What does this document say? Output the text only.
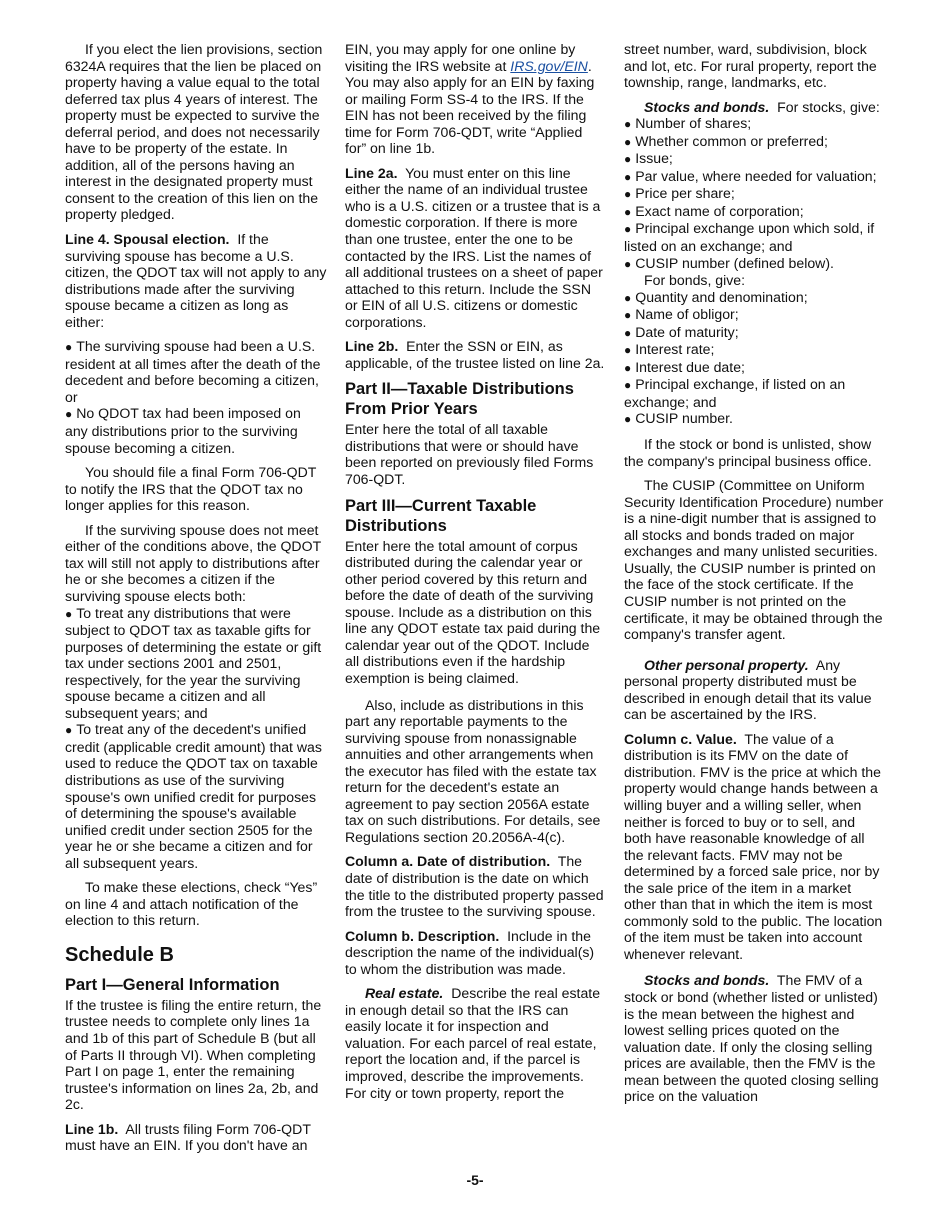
If you elect the lien provisions, section 6324A requires that the lien be placed on property having a value equal to the total deferred tax plus 4 years of interest. The property must be expected to survive the deferral period, and does not necessarily have to be property of the estate. In addition, all of the persons having an interest in the designated property must consent to the creation of this lien on the property pledged.

Line 4. Spousal election. If the surviving spouse has become a U.S. citizen, the QDOT tax will not apply to any distributions made after the surviving spouse became a citizen as long as either:

● The surviving spouse had been a U.S. resident at all times after the death of the decedent and before becoming a citizen, or
● No QDOT tax had been imposed on any distributions prior to the surviving spouse becoming a citizen.

You should file a final Form 706-QDT to notify the IRS that the QDOT tax no longer applies for this reason.

If the surviving spouse does not meet either of the conditions above, the QDOT tax will still not apply to distributions after he or she becomes a citizen if the surviving spouse elects both:

● To treat any distributions that were subject to QDOT tax as taxable gifts for purposes of determining the estate or gift tax under sections 2001 and 2501, respectively, for the year the surviving spouse became a citizen and all subsequent years; and
● To treat any of the decedent's unified credit (applicable credit amount) that was used to reduce the QDOT tax on taxable distributions as use of the surviving spouse's own unified credit for purposes of determining the spouse's available unified credit under section 2505 for the year he or she became a citizen and for all subsequent years.

To make these elections, check “Yes” on line 4 and attach notification of the election to this return.

Schedule B
Part I—General Information

If the trustee is filing the entire return, the trustee needs to complete only lines 1a and 1b of this part of Schedule B (but all of Parts II through VI). When completing Part I on page 1, enter the remaining trustee's information on lines 2a, 2b, and 2c.

Line 1b. All trusts filing Form 706-QDT must have an EIN. If you don't have an

EIN, you may apply for one online by visiting the IRS website at IRS.gov/EIN. You may also apply for an EIN by faxing or mailing Form SS-4 to the IRS. If the EIN has not been received by the filing time for Form 706-QDT, write “Applied for” on line 1b.

Line 2a. You must enter on this line either the name of an individual trustee who is a U.S. citizen or a trustee that is a domestic corporation. If there is more than one trustee, enter the one to be contacted by the IRS. List the names of all additional trustees on a sheet of paper attached to this return. Include the SSN or EIN of all U.S. citizens or domestic corporations.

Line 2b. Enter the SSN or EIN, as applicable, of the trustee listed on line 2a.

Part II—Taxable Distributions From Prior Years

Enter here the total of all taxable distributions that were or should have been reported on previously filed Forms 706-QDT.

Part III—Current Taxable Distributions

Enter here the total amount of corpus distributed during the calendar year or other period covered by this return and before the date of death of the surviving spouse. Include as a distribution on this line any QDOT estate tax paid during the calendar year out of the QDOT. Include all distributions even if the hardship exemption is being claimed.

Also, include as distributions in this part any reportable payments to the surviving spouse from nonassignable annuities and other arrangements when the executor has filed with the estate tax return for the decedent's estate an agreement to pay section 2056A estate tax on such distributions. For details, see Regulations section 20.2056A-4(c).

Column a. Date of distribution. The date of distribution is the date on which the title to the distributed property passed from the trustee to the surviving spouse.

Column b. Description. Include in the description the name of the individual(s) to whom the distribution was made.

Real estate. Describe the real estate in enough detail so that the IRS can easily locate it for inspection and valuation. For each parcel of real estate, report the location and, if the parcel is improved, describe the improvements. For city or town property, report the

street number, ward, subdivision, block and lot, etc. For rural property, report the township, range, landmarks, etc.

Stocks and bonds. For stocks, give:

● Number of shares;
● Whether common or preferred;
● Issue;
● Par value, where needed for valuation;
● Price per share;
● Exact name of corporation;
● Principal exchange upon which sold, if listed on an exchange; and
● CUSIP number (defined below).
For bonds, give:
● Quantity and denomination;
● Name of obligor;
● Date of maturity;
● Interest rate;
● Interest due date;
● Principal exchange, if listed on an exchange; and
● CUSIP number.

If the stock or bond is unlisted, show the company's principal business office.

The CUSIP (Committee on Uniform Security Identification Procedure) number is a nine-digit number that is assigned to all stocks and bonds traded on major exchanges and many unlisted securities. Usually, the CUSIP number is printed on the face of the stock certificate. If the CUSIP number is not printed on the certificate, it may be obtained through the company's transfer agent.

Other personal property. Any personal property distributed must be described in enough detail that its value can be ascertained by the IRS.

Column c. Value. The value of a distribution is its FMV on the date of distribution. FMV is the price at which the property would change hands between a willing buyer and a willing seller, when neither is forced to buy or to sell, and both have reasonable knowledge of all the relevant facts. FMV may not be determined by a forced sale price, nor by the sale price of the item in a market other than that in which the item is most commonly sold to the public. The location of the item must be taken into account whenever relevant.

Stocks and bonds. The FMV of a stock or bond (whether listed or unlisted) is the mean between the highest and lowest selling prices quoted on the valuation date. If only the closing selling prices are available, then the FMV is the mean between the quoted closing selling price on the valuation

-5-
